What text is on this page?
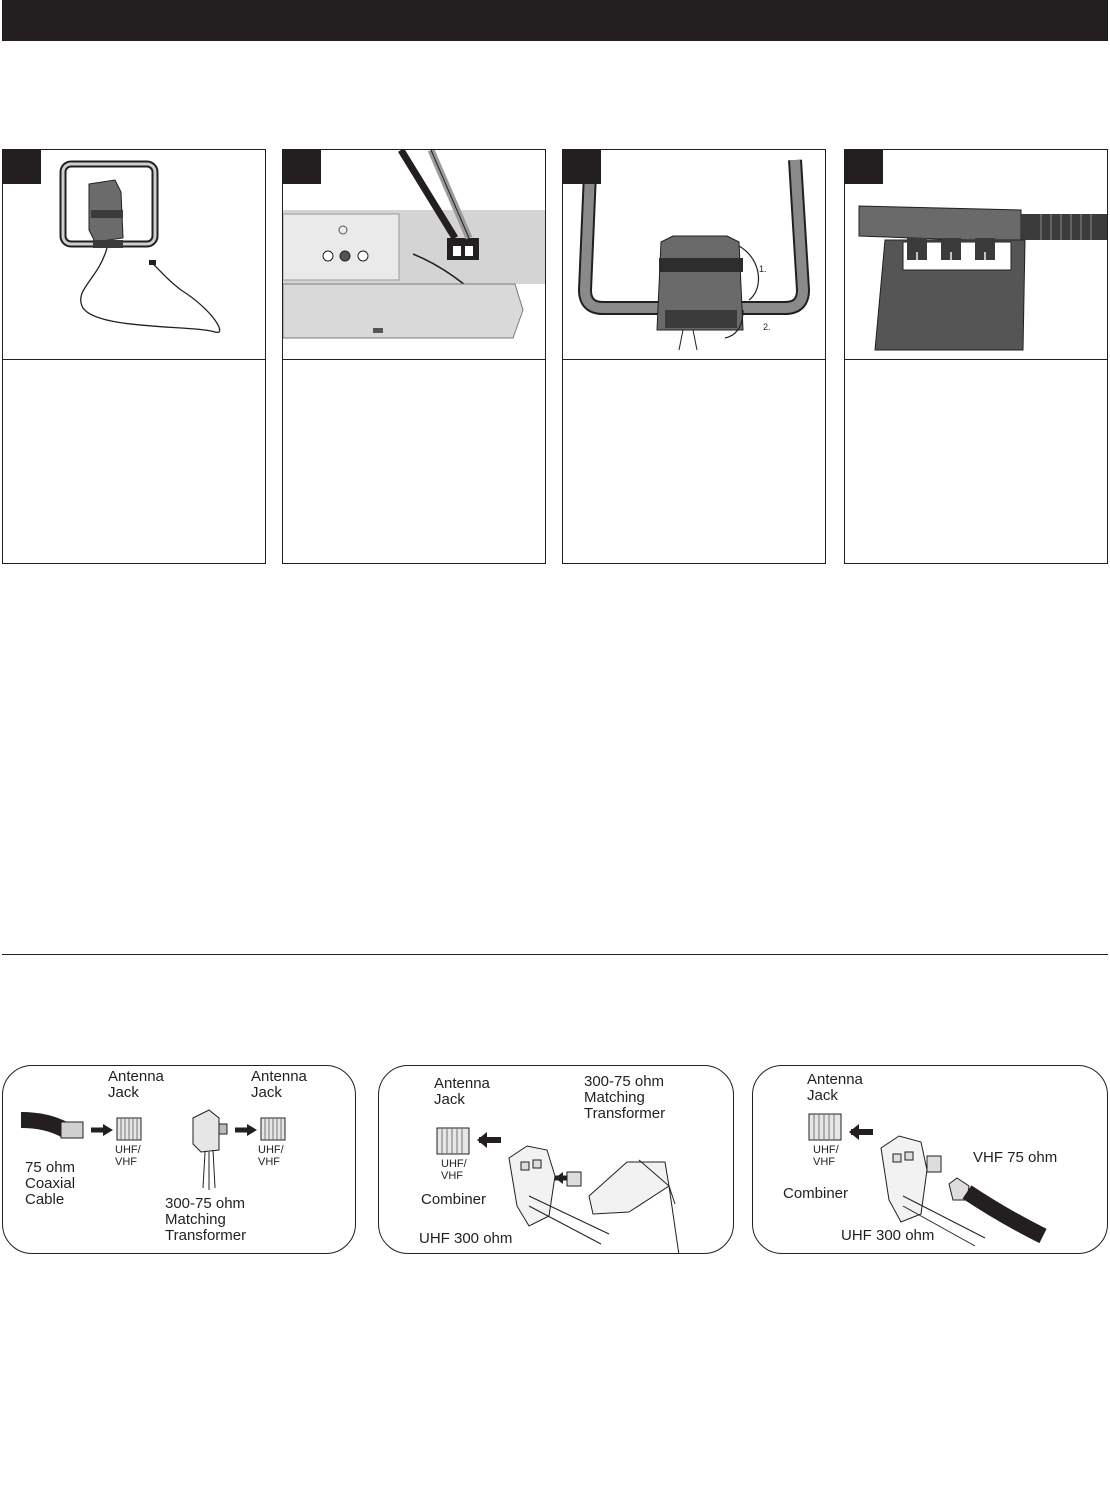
1.
2.
Antenna
Jack
UHF/
VHF
75 ohm
Coaxial
Cable
Antenna
Jack
UHF/
VHF
300-75 ohm
Matching
Transformer
Antenna
Jack
UHF/
VHF
300-75 ohm
Matching
Transformer
Combiner
UHF 300 ohm
Antenna
Jack
UHF/
VHF	VHF 75 ohm
Combiner
UHF 300 ohm
